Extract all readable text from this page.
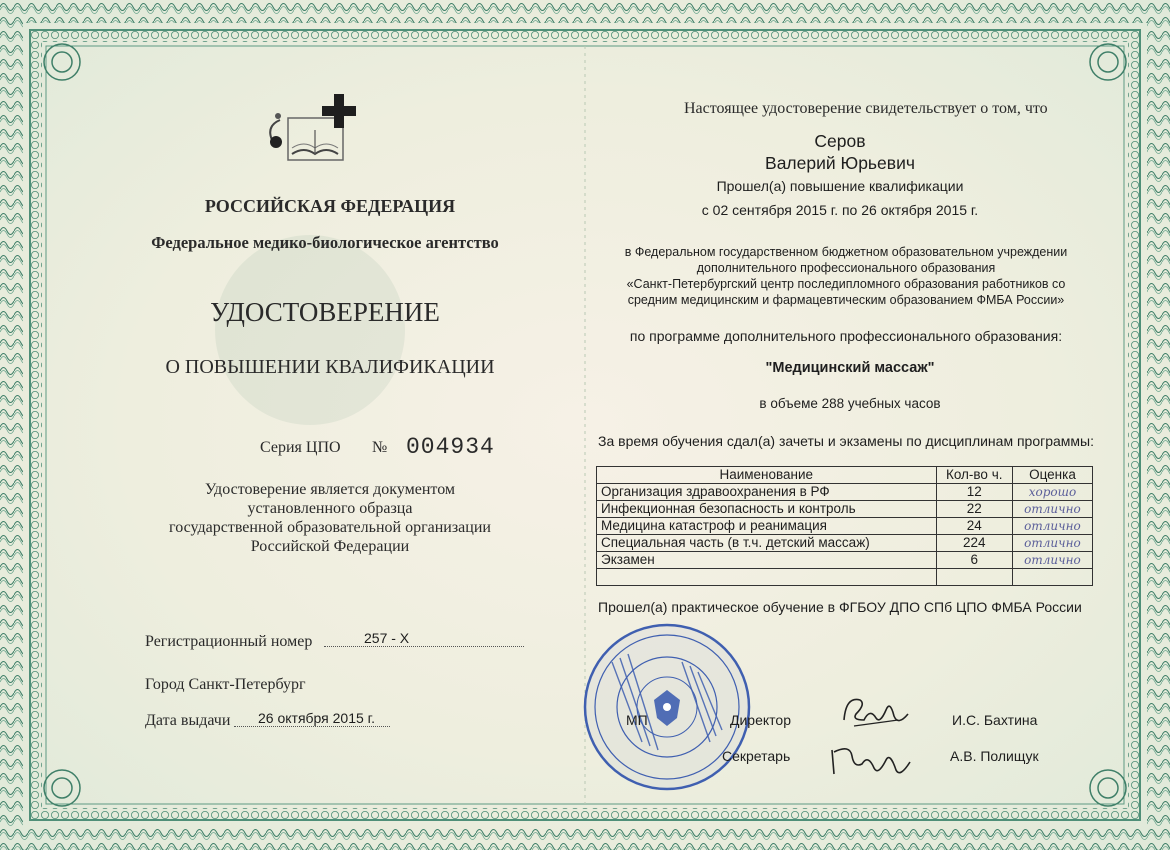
РОССИЙСКАЯ ФЕДЕРАЦИЯ
Федеральное медико-биологическое агентство
УДОСТОВЕРЕНИЕ
О ПОВЫШЕНИИ КВАЛИФИКАЦИИ
Серия ЦПО № 004934
Удостоверение является документом
установленного образца
государственной образовательной организации
Российской Федерации
Регистрационный номер	257 - Х
Город Санкт-Петербург
Дата выдачи	26 октября 2015 г.
Настоящее удостоверение свидетельствует о том, что
Серов
Валерий Юрьевич
Прошел(а) повышение квалификации
с 02 сентября 2015 г. по 26 октября 2015 г.
в Федеральном государственном бюджетном образовательном учреждении
дополнительного профессионального образования
«Санкт-Петербургский центр последипломного образования работников со
средним медицинским и фармацевтическим образованием ФМБА России»
по программе дополнительного профессионального образования:
"Медицинский массаж"
в объеме 288 учебных часов
За время обучения сдал(а) зачеты и экзамены по дисциплинам программы:
Наименование	Кол-во ч.	Оценка
Организация здравоохранения в РФ	12	хорошо
Инфекционная безопасность и контроль	22	отлично
Медицина катастроф и реанимация	24	отлично
Специальная часть (в т.ч. детский массаж)	224	отлично
Экзамен	6	отлично

Прошел(а) практическое обучение в ФГБОУ ДПО СПб ЦПО ФМБА России
МП	Директор
Секретарь
И.С. Бахтина
А.В. Полищук
